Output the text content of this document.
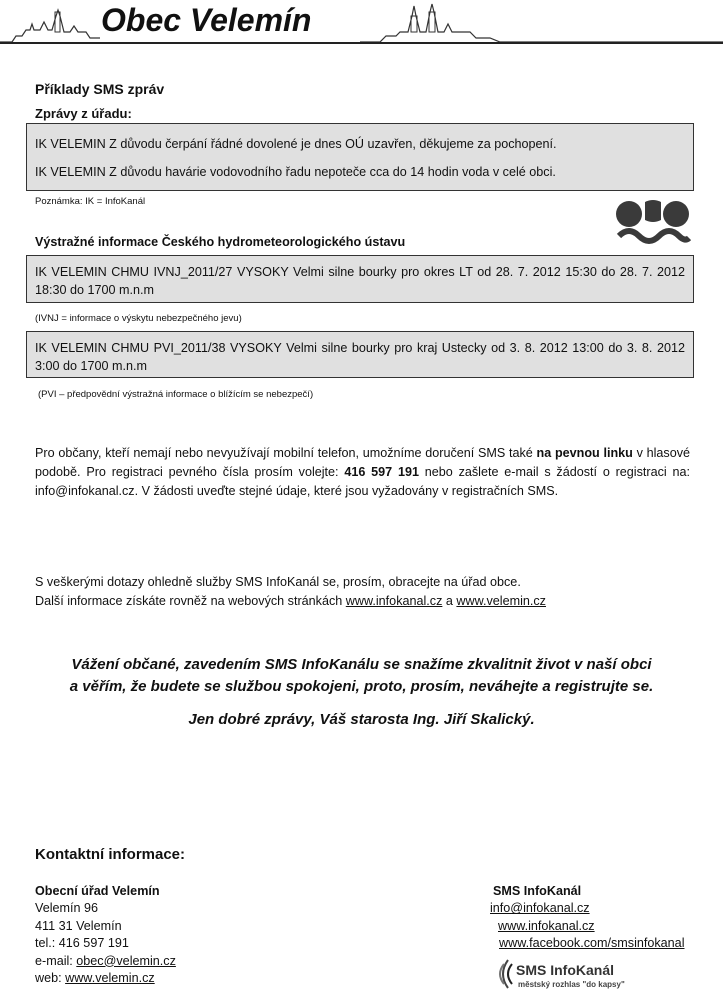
Obec Velemín
Příklady SMS zpráv
Zprávy z úřadu:

IK VELEMIN Z důvodu čerpání řádné dovolené je dnes OÚ uzavřen, děkujeme za pochopení.

IK VELEMIN Z důvodu havárie vodovodního řadu nepoteče cca do 14 hodin voda v celé obci.

Poznámka: IK = InfoKanál
Výstražné informace Českého hydrometeorologického ústavu

IK VELEMIN CHMU IVNJ_2011/27 VYSOKY Velmi silne bourky pro okres LT od 28. 7. 2012 15:30 do 28. 7. 2012 18:30 do 1700 m.n.m

(IVNJ = informace o výskytu nebezpečného jevu)

IK VELEMIN CHMU PVI_2011/38 VYSOKY Velmi silne bourky pro kraj Ustecky od 3. 8. 2012 13:00 do 3. 8. 2012 3:00 do 1700 m.n.m

(PVI – předpovědní výstražná informace o blížícím se nebezpečí)
Pro občany, kteří nemají nebo nevyužívají mobilní telefon, umožníme doručení SMS také na pevnou linku v hlasové podobě. Pro registraci pevného čísla prosím volejte: 416 597 191 nebo zašlete e-mail s žádostí o registraci na: info@infokanal.cz. V žádosti uveďte stejné údaje, které jsou vyžadovány v registračních SMS.
S veškerými dotazy ohledně služby SMS InfoKanál se, prosím, obracejte na úřad obce.
Další informace získáte rovněž na webových stránkách www.infokanal.cz a www.velemin.cz
Vážení občané, zavedením SMS InfoKanálu se snažíme zkvalitnit život v naší obci
a věřím, že budete se službou spokojeni, proto, prosím, neváhejte a registrujte se.
Jen dobré zprávy, Váš starosta Ing. Jiří Skalický.
Kontaktní informace:
Obecní úřad Velemín
Velemín 96
411 31 Velemín
tel.: 416 597 191
e-mail: obec@velemin.cz
web: www.velemin.cz
SMS InfoKanál
info@infokanal.cz
www.infokanal.cz
www.facebook.com/smsinfokanal
SMS InfoKanál
městský rozhlas "do kapsy"
